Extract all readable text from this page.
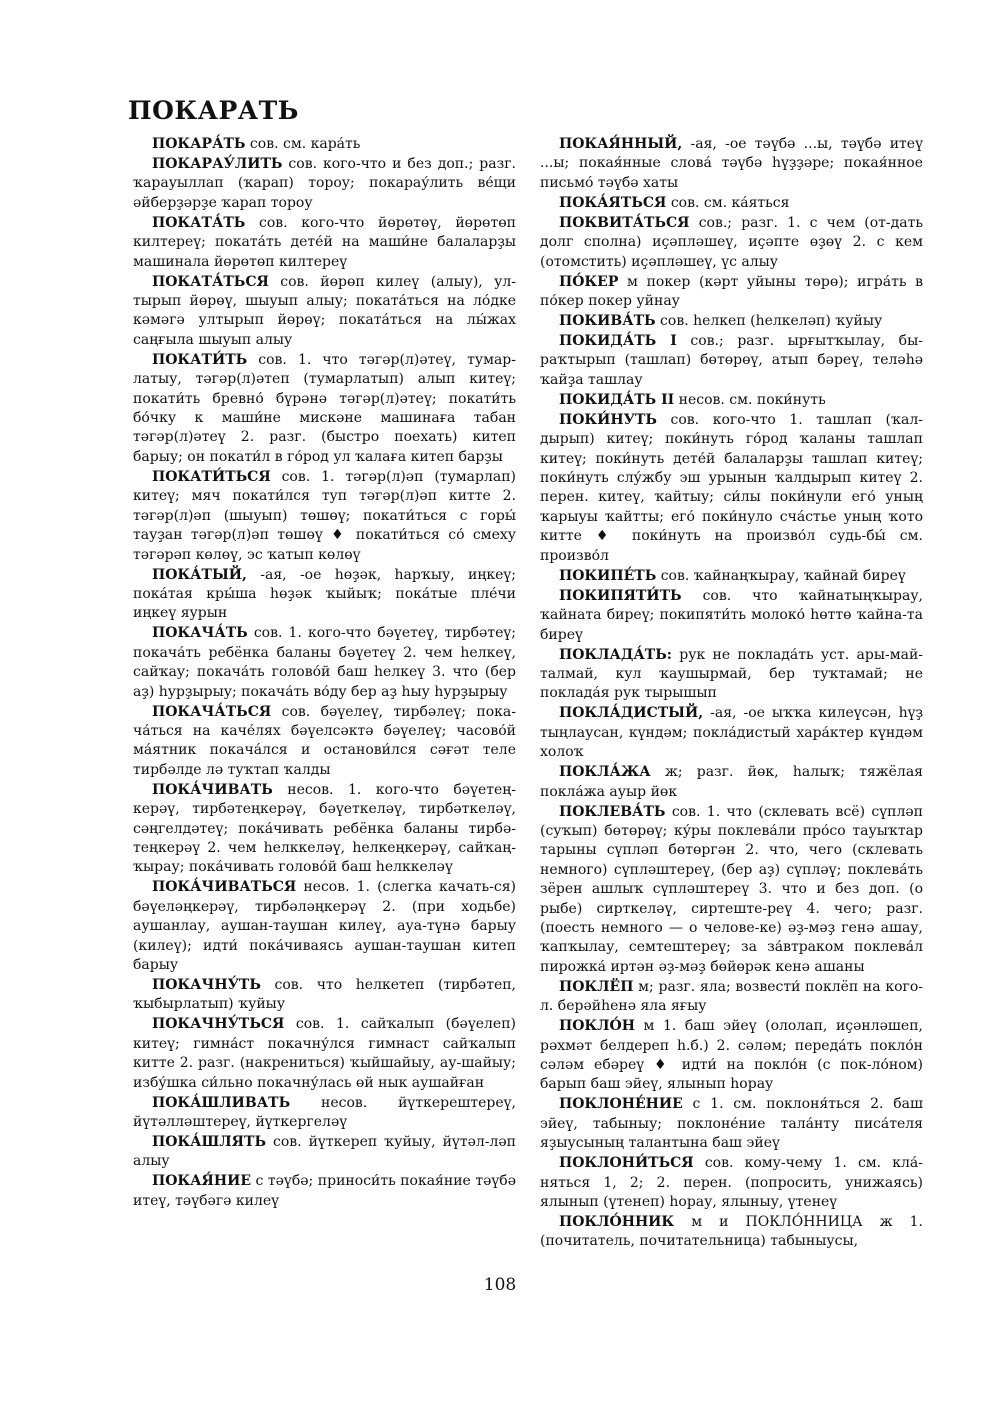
ПОКАРАТЬ

ПОКАРА́ТЬ сов. см. кара́ть

ПОКАРАУ́ЛИТЬ сов. кого-что и без доп.; разг. ҡарауыллап (ҡарап) тороу; покарау́лить ве́щи әйберҙәрҙе ҡарап тороу

ПОКАТА́ТЬ сов. кого-что йөрөтөү, йөрөтөп килтереү; поката́ть дете́й на маши́не балаларҙы машинала йөрөтөп килтереү

ПОКАТА́ТЬСЯ сов. йөрөп килеү (алыу), ул-тырып йөрөү, шыуып алыу; поката́ться на ло́дке кәмәгә ултырып йөрөү; поката́ться на лы́жах саңғыла шыуып алыу

ПОКАТИ́ТЬ сов. 1. что тәгәр(л)әтеү, тумар-латыу, тәгәр(л)әтеп (тумарлатып) алып китеү; покати́ть бревно́ бүрәнә тәгәр(л)әтеү; покати́ть бо́чку к маши́не мискәне машинаға табан тәгәр(л)әтеү 2. разг. (быстро поехать) китеп барыу; он покати́л в го́род ул ҡалаға китеп барҙы

ПОКАТИ́ТЬСЯ сов. 1. тәгәр(л)әп (тумарлап) китеү; мяч покати́лся туп тәгәр(л)әп китте 2. тәгәр(л)әп (шыуып) төшөү; покати́ться с горы́ тауҙан тәгәр(л)әп төшөү ♦ покати́ться со́ смеху тәгәрәп көлөү, эс ҡатып көлөү

ПОКА́ТЫЙ, -ая, -ое һөҙәк, һарҡыу, иңкеү; пока́тая кры́ша һөҙәк ҡыйыҡ; пока́тые пле́чи иңкеү яурын

ПОКАЧА́ТЬ сов. 1. кого-что бәүетеү, тирбәтеү; покача́ть ребёнка баланы бәүетеү 2. чем һелкеү, сайҡау; покача́ть голово́й баш һелкеү 3. что (бер аҙ) һурҙырыу; покача́ть во́ду бер аҙ һыу һурҙырыу

ПОКАЧА́ТЬСЯ сов. бәүелеү, тирбәлеү; пока-ча́ться на каче́лях бәүелсәктә бәүелеү; часово́й ма́ятник покача́лся и останови́лся сәғәт теле тирбәлде лә туҡтап ҡалды

ПОКА́ЧИВАТЬ несов. 1. кого-что бәүетең-керәү, тирбәтеңкерәү, бәүеткеләү, тирбәткеләү, сәңгелдәтеү; пока́чивать ребёнка баланы тирбә-теңкерәү 2. чем һелккеләү, һелкеңкерәү, сайҡаң-ҡырау; пока́чивать голово́й баш һелккеләү

ПОКА́ЧИВАТЬСЯ несов. 1. (слегка качать-ся) бәүеләңкерәү, тирбәләңкерәү 2. (при ходьбе) аушанлау, аушан-таушан килеү, ауа-түнә барыу (килеү); идти́ пока́чиваясь аушан-таушан китеп барыу

ПОКАЧНУ́ТЬ сов. что һелкетеп (тирбәтеп, ҡыбырлатып) ҡуйыу

ПОКАЧНУ́ТЬСЯ сов. 1. сайҡалып (бәүелеп) китеү; гимна́ст покачну́лся гимнаст сайҡалып китте 2. разг. (накрениться) ҡыйшайыу, ау-шайыу; избу́шка си́льно покачну́лась өй нык аушайған

ПОКА́ШЛИВАТЬ несов. йүткерештереү, йүтәлләштереү, йүткергеләү

ПОКА́ШЛЯТЬ сов. йүткереп ҡуйыу, йүтәл-ләп алыу

ПОКАЯ́НИЕ с тәүбә; приноси́ть покая́ние тәүбә итеү, тәүбәгә килеү

ПОКАЯ́ННЫЙ, -ая, -ое тәүбә ...ы, тәүбә итеү ...ы; покая́нные слова́ тәүбә һүҙҙәре; покая́нное письмо́ тәүбә хаты

ПОКА́ЯТЬСЯ сов. см. ка́яться

ПОКВИТА́ТЬСЯ сов.; разг. 1. с чем (от-дать долг сполна) иҫәпләшеү, иҫәпте өҙөү 2. с кем (отомстить) иҫәпләшеү, үс алыу

ПО́КЕР м покер (кәрт уйыны төрө); игра́ть в по́кер покер уйнау

ПОКИВА́ТЬ сов. һелкеп (һелкеләп) ҡуйыу

ПОКИДА́ТЬ I сов.; разг. ырғытҡылау, бы-раҡтырып (ташлап) бөтөрөү, атып бәреү, теләһә ҡайҙа ташлау

ПОКИДА́ТЬ II несов. см. поки́нуть

ПОКИ́НУТЬ сов. кого-что 1. ташлап (ҡал-дырып) китеү; поки́нуть го́род ҡаланы ташлап китеү; поки́нуть дете́й балаларҙы ташлап китеү; поки́нуть слу́жбу эш урынын ҡалдырып китеү 2. перен. китеү, ҡайтыу; си́лы поки́нули его́ уның ҡарыуы ҡайтты; его́ поки́нуло сча́стье уның ҡото китте ♦ поки́нуть на произво́л судь-бы́ см. произво́л

ПОКИПЕ́ТЬ сов. ҡайнаңҡырау, ҡайнай биреү

ПОКИПЯТИ́ТЬ сов. что ҡайнатыңҡырау, ҡайната биреү; покипяти́ть молоко́ һөттө ҡайна-та биреү

ПОКЛАДА́ТЬ: рук не поклада́ть уст. ары-май-талмай, кул ҡаушырмай, бер туҡтамай; не поклада́я рук тырышып

ПОКЛА́ДИСТЫЙ, -ая, -ое ыҡҡа килеүсән, һүҙ тыңлаусан, күндәм; покла́дистый хара́ктер күндәм холоҡ

ПОКЛА́ЖА ж; разг. йөк, һалыҡ; тяжёлая покла́жа ауыр йөк

ПОКЛЕВА́ТЬ сов. 1. что (склевать всё) сүпләп (суҡып) бөтөрөү; ку́ры поклева́ли про́со тауыҡтар тарыны сүпләп бөтөргән 2. что, чего (склевать немного) сүпләштереү, (бер аҙ) сүпләү; поклева́ть зёрен ашлыҡ сүпләштереү 3. что и без доп. (о рыбе) сирткеләү, сиртеште-реү 4. чего; разг. (поесть немного — о челове-ке) әҙ-мәҙ генә ашау, ҡапҡылау, семтештереү; за за́втраком поклева́л пирожка́ иртән әҙ-мәҙ бөйөрәк кенә ашаны

ПОКЛЁП м; разг. яла; возвести́ поклёп на кого-л. берәйһенә яла яғыу

ПОКЛО́Н м 1. баш эйеү (ололап, иҫәнләшеп, рәхмәт белдереп һ.б.) 2. сәләм; переда́ть покло́н сәләм ебәреү ♦ идти́ на покло́н (с пок-ло́ном) барып баш эйеү, ялынып һорау

ПОКЛОНЕ́НИЕ с 1. см. поклоня́ться 2. баш эйеү, табыныу; поклоне́ние тала́нту писа́теля яҙыусының талантына баш эйеү

ПОКЛОНИ́ТЬСЯ сов. кому-чему 1. см. кла́-няться 1, 2; 2. перен. (попросить, унижаясь) ялынып (үтенеп) һорау, ялыныу, үтенеү

ПОКЛО́ННИК м и ПОКЛО́ННИЦА ж 1. (почитатель, почитательница) табыныусы,

108
